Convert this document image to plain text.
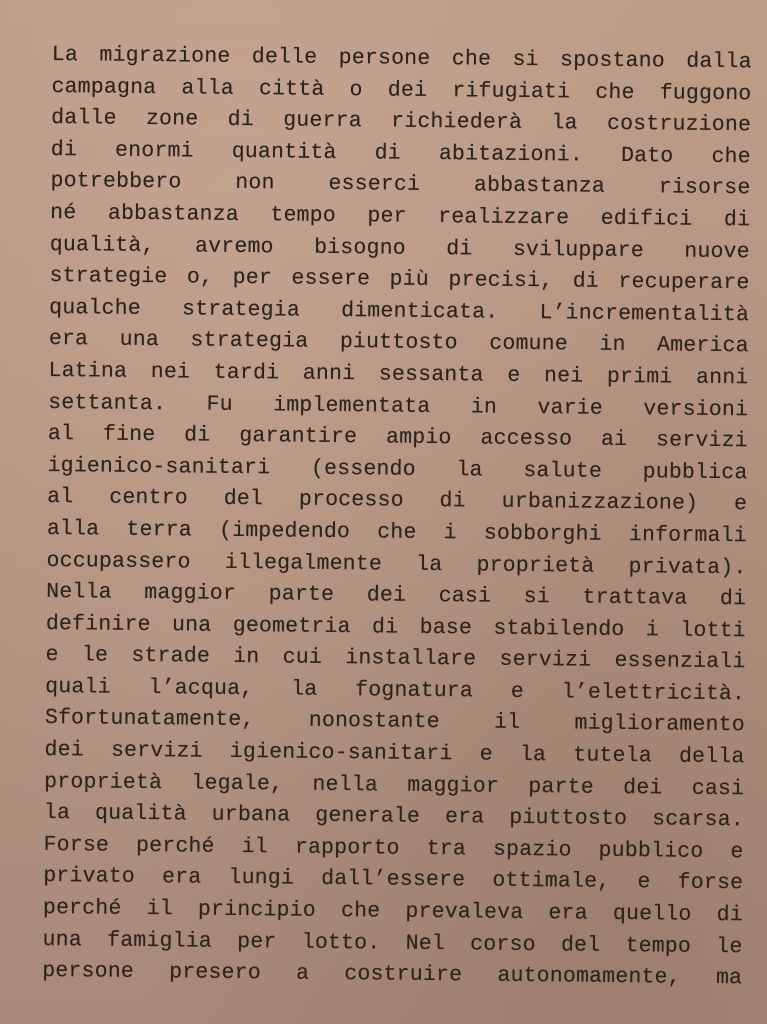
La migrazione delle persone che si spostano dalla
campagna alla città o dei rifugiati che fuggono
dalle zone di guerra richiederà la costruzione
di enormi quantità di abitazioni. Dato che
potrebbero non esserci abbastanza risorse
né abbastanza tempo per realizzare edifici di
qualità, avremo bisogno di sviluppare nuove
strategie o, per essere più precisi, di recuperare
qualche strategia dimenticata. L’incrementalità
era una strategia piuttosto comune in America
Latina nei tardi anni sessanta e nei primi anni
settanta. Fu implementata in varie versioni
al fine di garantire ampio accesso ai servizi
igienico-sanitari (essendo la salute pubblica
al centro del processo di urbanizzazione) e
alla terra (impedendo che i sobborghi informali
occupassero illegalmente la proprietà privata).
Nella maggior parte dei casi si trattava di
definire una geometria di base stabilendo i lotti
e le strade in cui installare servizi essenziali
quali l’acqua, la fognatura e l’elettricità.
Sfortunatamente, nonostante il miglioramento
dei servizi igienico-sanitari e la tutela della
proprietà legale, nella maggior parte dei casi
la qualità urbana generale era piuttosto scarsa.
Forse perché il rapporto tra spazio pubblico e
privato era lungi dall’essere ottimale, e forse
perché il principio che prevaleva era quello di
una famiglia per lotto. Nel corso del tempo le
persone presero a costruire autonomamente, ma
